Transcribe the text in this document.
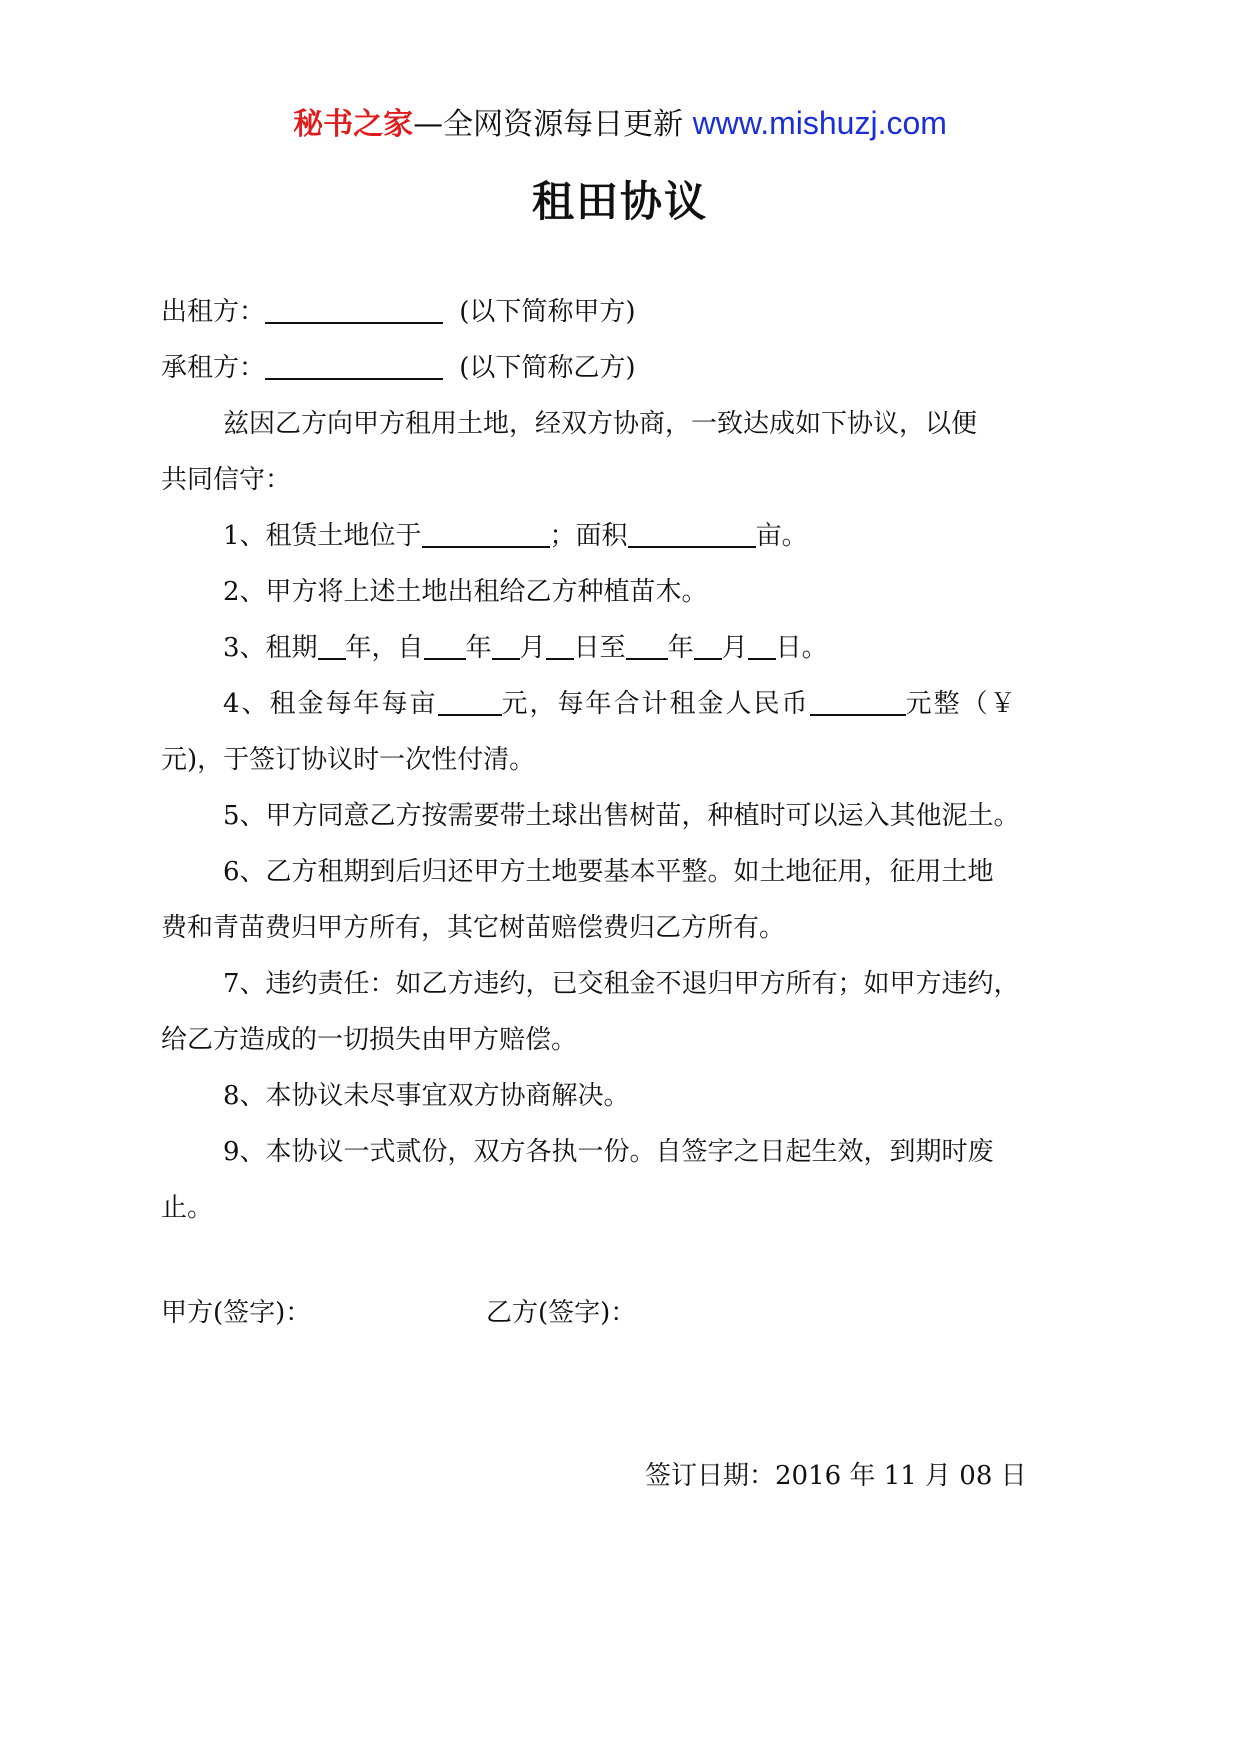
秘书之家—全网资源每日更新 www.mishuzj.com
租田协议
出租方：	(以下简称甲方)
承租方：	(以下简称乙方)
兹因乙方向甲方租用土地，经双方协商，一致达成如下协议，以便
共同信守：
1、租赁土地位于	；面积	亩。
2、甲方将上述土地出租给乙方种植苗木。
3、租期 年，自 年 月 日至 年 月 日。
4、租金每年每亩 元，每年合计租金人民币	元整（￥
元)，于签订协议时一次性付清。
5、甲方同意乙方按需要带土球出售树苗，种植时可以运入其他泥土。
6、乙方租期到后归还甲方土地要基本平整。如土地征用，征用土地
费和青苗费归甲方所有，其它树苗赔偿费归乙方所有。
7、违约责任：如乙方违约，已交租金不退归甲方所有；如甲方违约，
给乙方造成的一切损失由甲方赔偿。
8、本协议未尽事宜双方协商解决。
9、本协议一式贰份，双方各执一份。自签字之日起生效，到期时废
止。
甲方(签字)：	乙方(签字)：
签订日期：2016 年 11 月 08 日
